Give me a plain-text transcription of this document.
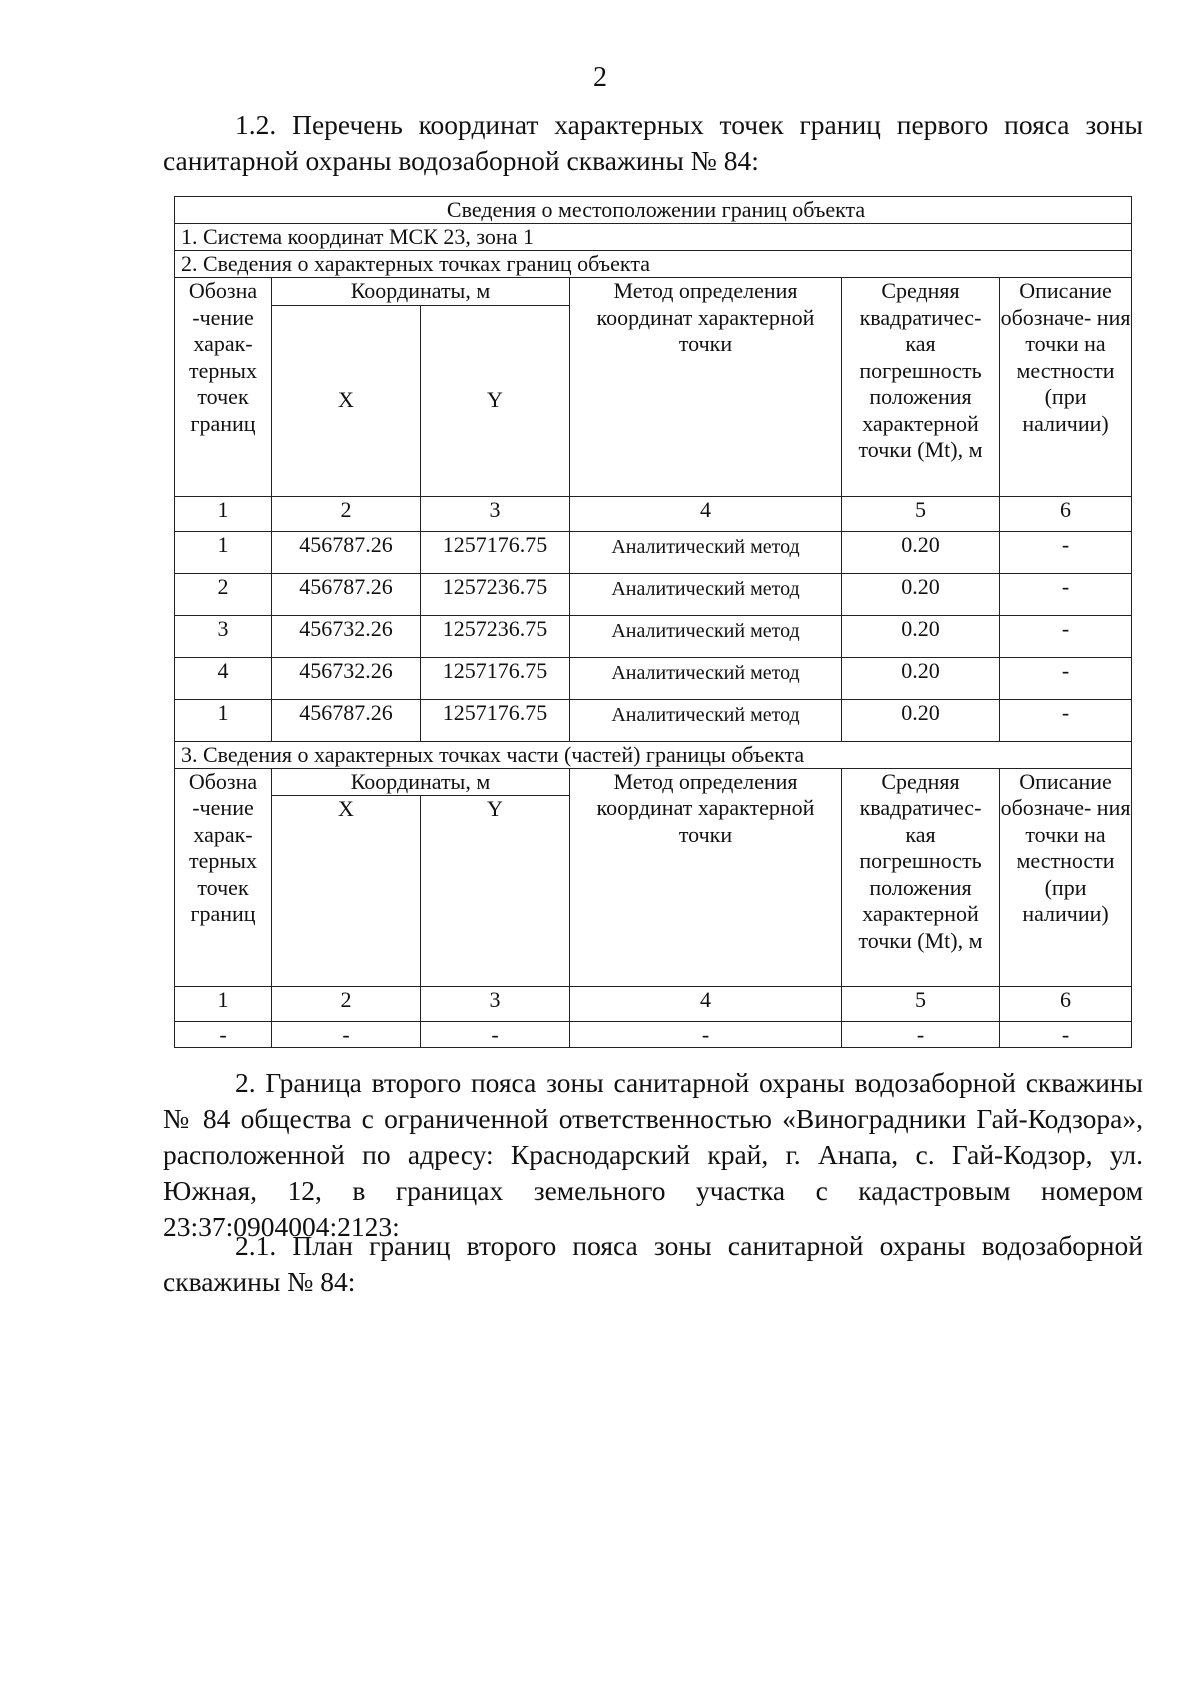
2

1.2. Перечень координат характерных точек границ первого пояса зоны санитарной охраны водозаборной скважины № 84:

Сведения о местоположении границ объекта					
1. Система координат МСК 23, зона 1					
2. Сведения о характерных точках границ объекта					
Обозна -чение харак- терных точек границ	Координаты, м		Метод определения координат характерной точки	Средняя квадратичес- кая погрешность положения характерной точки (Mt), м	Описание обозначе- ния точки на местности (при наличии)
	X	Y			
1	2	3	4	5	6
1	456787.26	1257176.75	Аналитический метод	0.20	-
2	456787.26	1257236.75	Аналитический метод	0.20	-
3	456732.26	1257236.75	Аналитический метод	0.20	-
4	456732.26	1257176.75	Аналитический метод	0.20	-
1	456787.26	1257176.75	Аналитический метод	0.20	-
3. Сведения о характерных точках части (частей) границы объекта					
Обозна -чение харак- терных точек границ	Координаты, м		Метод определения координат характерной точки	Средняя квадратичес- кая погрешность положения характерной точки (Mt), м	Описание обозначе- ния точки на местности (при наличии)
	X	Y			
1	2	3	4	5	6
-	-	-	-	-	-

2. Граница второго пояса зоны санитарной охраны водозаборной скважины № 84 общества с ограниченной ответственностью «Виноградники Гай-Кодзора», расположенной по адресу: Краснодарский край, г. Анапа, с. Гай-Кодзор, ул. Южная, 12, в границах земельного участка с кадастровым номером 23:37:0904004:2123:

2.1. План границ второго пояса зоны санитарной охраны водозаборной скважины № 84:
